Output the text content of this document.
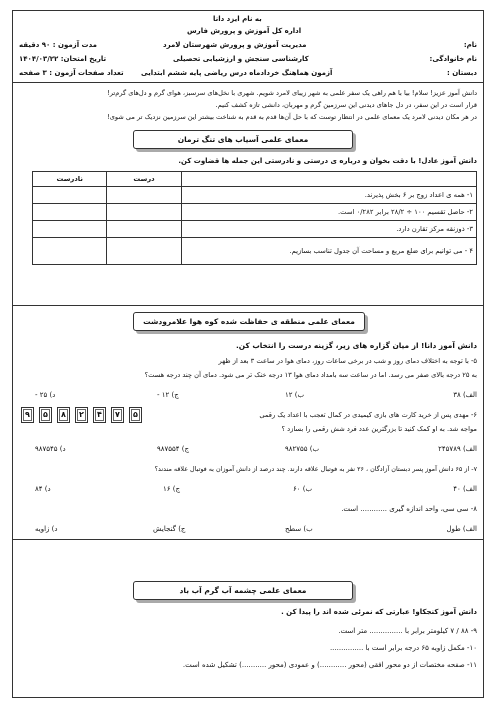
به نام ایزد دانا
اداره کل آموزش و پرورش فارس
نام:
مدیریت آموزش و پرورش شهرستان لامرد
مدت آزمون : ۹۰ دقیقه
نام خانوادگی:
کارشناسی سنجش و ارزشیابی تحصیلی
تاریخ امتحان: ۱۴۰۴/۰۳/۲۲
دبستان :
آزمون هماهنگ خردادماه درس ریاضی پایه ششم ابتدایی
تعداد صفحات آزمون : ۳ صفحه
دانش آموز عزیز! سلام! بیا با هم راهی یک سفر علمی به شهر زیبای لامرد شویم. شهری با نخل‌های سرسبز، هوای گرم و دل‌های گرم‌تر!
قرار است در این سفر، در دل جاهای دیدنی این سرزمین گرم و مهربان، دانشی تازه کشف کنیم.
در هر مکان دیدنی لامرد یک معمای علمی در انتظار توست که با حل آن‌ها قدم به قدم به شناخت بیشتر این سرزمین نزدیک تر می شوی!
معمای علمی آسیاب های تنگ ترمان
دانش آموز عادل! با دقت بخوان و درباره ی درستی و نادرستی این جمله ها قضاوت کن.
	درست	نادرست
۱- همه ی اعداد زوج بر ۶ بخش پذیرند.		
۲- حاصل تقسیم ۱۰۰ ÷ ۲۸/۲ برابر ۰/۲۸۲ است.		
۳- ذوزنقه مرکز تقارن دارد.		
۴ - می توانیم برای ضلع مربع و مساحت آن جدول تناسب بسازیم.		
معمای علمی منطقه ی حفاظت شده کوه هوا علامرودشت
دانش آموز دانا! از میان گزاره های زیر، گزینه درست را انتخاب کن.
۵- با توجه به اختلاف دمای روز و شب در برخی ساعات روز، دمای هوا در ساعت ۳ بعد از ظهر
به ۲۵ درجه بالای صفر می رسد. اما در ساعت سه بامداد دمای هوا ۱۳ درجه خنک تر می شود. دمای آن چند درجه هست؟
الف) ۳۸
ب) ۱۲
ج) ۱۲ -
د) ۲۵ -
۶- مهدی پس از خرید کارت های بازی کیمیدی در کمال تعجب با اعداد یک رقمی
۹	۵	۸	۲	۴	۷	۵
مواجه شد. به او کمک کنید تا بزرگترین عدد فرد شش رقمی را بسازد ؟
الف) ۲۴۵۷۸۹
ب) ۹۸۲۷۵۵
ج) ۹۸۷۵۵۴
د) ۹۸۷۵۴۵
۷- از ۶۵ دانش آموز پسر دبستان آزادگان ، ۲۶ نفر به فوتبال علاقه دارند. چند درصد از دانش آموزان به فوتبال علاقه مندند؟
الف) ۴۰
ب) ۶۰
ج) ۱۶
د) ۸۴
۸- سی سی، واحد اندازه گیری ............ است.
الف) طول
ب) سطح
ج) گنجایش
د) زاویه
معمای علمی چشمه آب گرم آب باد
دانش آموز کنجکاو! عبارتی که نمرئی شده اند را پیدا کن .
۹- ۸۸ / ۷ کیلومتر برابر با ............... متر است.
۱۰- مکمل زاویه ۶۵ درجه برابر است با ...............
۱۱- صفحه مختصات از دو محور افقی (محور ............) و عمودی (محور ...........) تشکیل شده است.
